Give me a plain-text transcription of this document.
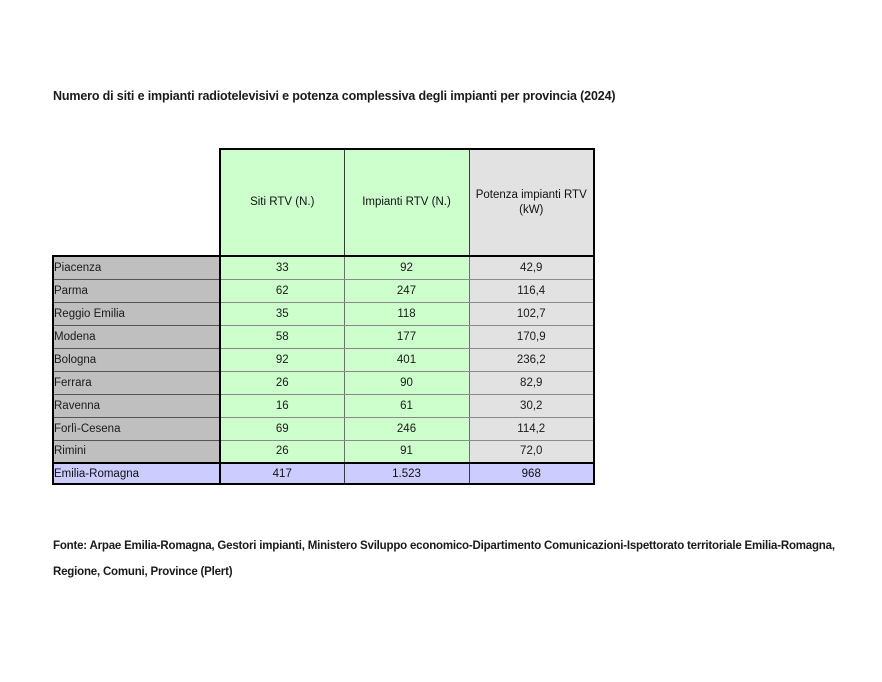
Numero di siti e impianti radiotelevisivi e potenza complessiva degli impianti per provincia (2024)
	Siti RTV (N.)	Impianti RTV (N.)	Potenza impianti RTV
(kW)
Piacenza	33	92	42,9
Parma	62	247	116,4
Reggio Emilia	35	118	102,7
Modena	58	177	170,9
Bologna	92	401	236,2
Ferrara	26	90	82,9
Ravenna	16	61	30,2
Forlì-Cesena	69	246	114,2
Rimini	26	91	72,0
Emilia-Romagna	417	1.523	968
Fonte: Arpae Emilia-Romagna, Gestori impianti, Ministero Sviluppo economico-Dipartimento Comunicazioni-Ispettorato territoriale Emilia-Romagna, Regione, Comuni, Province (Plert)
